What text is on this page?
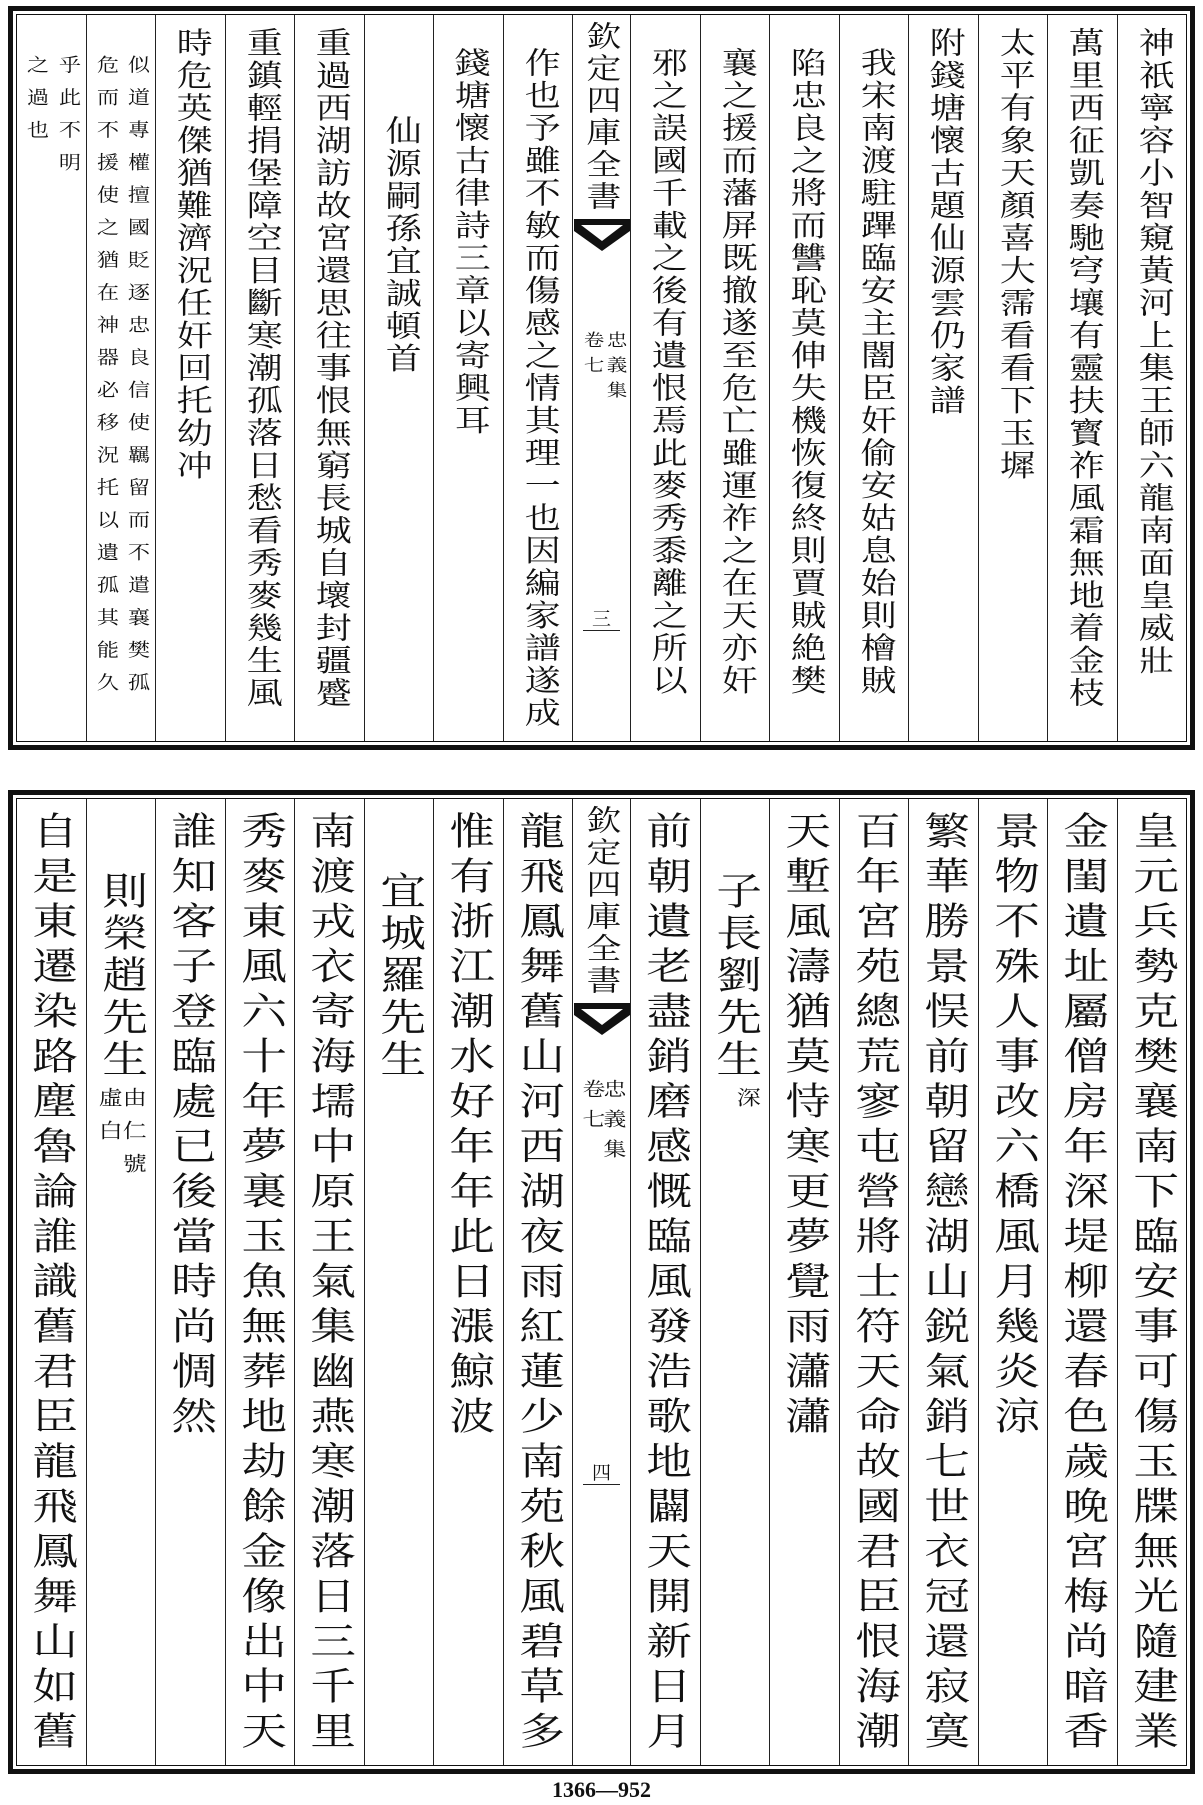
神祇寧容小智窺黃河上集王師六龍南面皇威壯
萬里西征凱奏馳穹壤有靈扶寳祚風霜無地着金枝
太平有象天顏喜大霈看看下玉墀
附錢塘懷古題仙源雲仍家譜
我宋南渡駐蹕臨安主闇臣奸偷安姑息始則檜賊
陷忠良之將而讐恥莫伸失機恢復終則賈賊絶樊
襄之援而藩屏既撤遂至危亡雖運祚之在天亦奸
邪之誤國千載之後有遺恨焉此麥秀黍離之所以
欽定四庫全書
忠義集
卷七
三
作也予雖不敏而傷感之情其理一也因編家譜遂成
錢塘懷古律詩三章以寄興耳
仙源嗣孫宜誠頓首
重過西湖訪故宮還思往事恨無窮長城自壞封疆蹙
重鎮輕捐堡障空目斷寒潮孤落日愁看秀麥幾生風
時危英傑猶難濟況任奸回托幼冲
似道專權擅國貶逐忠良信使羈留而不遣襄樊孤
危而不援使之猶在神器必移況托以遺孤其能久
乎此不明
之過也
皇元兵勢克樊襄南下臨安事可傷玉牒無光隨建業
金閨遺址屬僧房年深堤柳還春色歲晚宮梅尚暗香
景物不殊人事改六橋風月幾炎涼
繁華勝景悮前朝留戀湖山鋭氣銷七世衣冠還寂寞
百年宮苑總荒寥屯營將士符天命故國君臣恨海潮
天塹風濤猶莫恃寒更夢覺雨瀟瀟
子長劉先生
深
前朝遺老盡銷磨感慨臨風發浩歌地闢天開新日月
欽定四庫全書
忠義集
卷七
四
龍飛鳳舞舊山河西湖夜雨紅蓮少南苑秋風碧草多
惟有浙江潮水好年年此日漲鯨波
宜城羅先生
南渡戎衣寄海壖中原王氣集幽燕寒潮落日三千里
秀麥東風六十年夢裏玉魚無葬地劫餘金像出中天
誰知客子登臨處已後當時尚惆然
則榮趙先生
由仁號
虛白
自是東遷染路塵魯論誰識舊君臣龍飛鳳舞山如舊
1366—952
